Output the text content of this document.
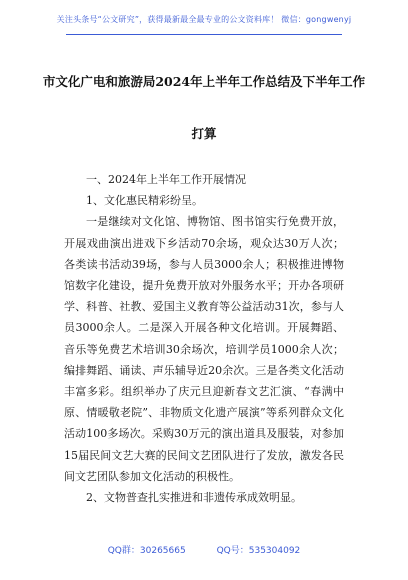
关注头条号“公文研究”，获得最新最全最专业的公文资料库！ 微信：gongwenyj
市文化广电和旅游局2024年上半年工作总结及下半年工作
打算

一、2024年上半年工作开展情况

1、文化惠民精彩纷呈。

一是继续对文化馆、博物馆、图书馆实行免费开放，开展戏曲演出进戏下乡活动70余场，观众达30万人次；各类读书活动39场，参与人员3000余人；积极推进博物馆数字化建设，提升免费开放对外服务水平；开办各项研学、科普、社教、爱国主义教育等公益活动31次，参与人员3000余人。二是深入开展各种文化培训。开展舞蹈、音乐等免费艺术培训30余场次，培训学员1000余人次；编排舞蹈、诵读、声乐辅导近20余次。三是各类文化活动丰富多彩。组织举办了庆元旦迎新春文艺汇演、“春满中原、情暖敬老院”、非物质文化遗产展演”等系列群众文化活动100多场次。采购30万元的演出道具及服装，对参加15届民间文艺大赛的民间文艺团队进行了发放，激发各民间文艺团队参加文化活动的积极性。

2、文物普查扎实推进和非遗传承成效明显。

QQ群：30265665	QQ号：535304092
